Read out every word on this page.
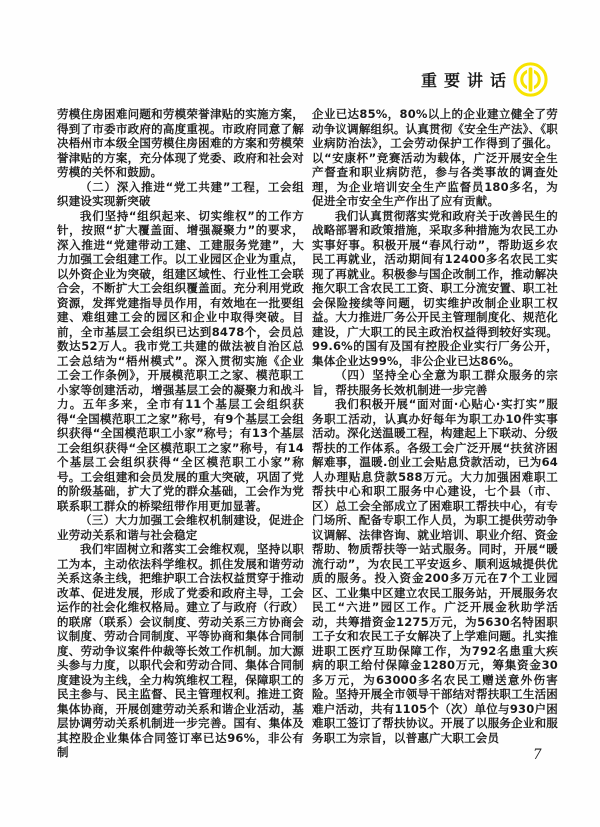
重要讲话

劳模住房困难问题和劳模荣誉津贴的实施方案，得到了市委市政府的高度重视。市政府同意了解决梧州市本级全国劳模住房困难的方案和劳模荣誉津贴的方案，充分体现了党委、政府和社会对劳模的关怀和鼓励。

（二）深入推进“党工共建”工程，工会组织建设实现新突破

我们坚持“组织起来、切实维权”的工作方针，按照“扩大覆盖面、增强凝聚力”的要求，深入推进“党建带动工建、工建服务党建”，大力加强工会组建工作。以工业园区企业为重点，以外资企业为突破，组建区域性、行业性工会联合会，不断扩大工会组织覆盖面。充分利用党政资源，发挥党建指导员作用，有效地在一批要组建、难组建工会的园区和企业中取得突破。目前，全市基层工会组织已达到8478个，会员总数达52万人。我市党工共建的做法被自治区总工会总结为“梧州模式”。深入贯彻实施《企业工会工作条例》，开展模范职工之家、模范职工小家等创建活动，增强基层工会的凝聚力和战斗力。五年多来，全市有11个基层工会组织获得“全国模范职工之家”称号，有9个基层工会组织获得“全国模范职工小家”称号；有13个基层工会组织获得“全区模范职工之家”称号，有14个基层工会组织获得“全区模范职工小家”称号。工会组建和会员发展的重大突破，巩固了党的阶级基础，扩大了党的群众基础，工会作为党联系职工群众的桥梁纽带作用更加显著。

（三）大力加强工会维权机制建设，促进企业劳动关系和谐与社会稳定

我们牢固树立和落实工会维权观，坚持以职工为本，主动依法科学维权。抓住发展和谐劳动关系这条主线，把维护职工合法权益贯穿于推动改革、促进发展，形成了党委和政府主导，工会运作的社会化维权格局。建立了与政府（行政）的联席（联系）会议制度、劳动关系三方协商会议制度、劳动合同制度、平等协商和集体合同制度、劳动争议案件仲裁等长效工作机制。加大源头参与力度，以职代会和劳动合同、集体合同制度建设为主线，全力构筑维权工程，保障职工的民主参与、民主监督、民主管理权利。推进工资集体协商，开展创建劳动关系和谐企业活动，基层协调劳动关系机制进一步完善。国有、集体及其控股企业集体合同签订率已达96%，非公有制

企业已达85%，80%以上的企业建立健全了劳动争议调解组织。认真贯彻《安全生产法》、《职业病防治法》，工会劳动保护工作得到了强化。以“安康杯”竞赛活动为载体，广泛开展安全生产督查和职业病防范，参与各类事故的调查处理，为企业培训安全生产监督员180多名，为促进全市安全生产作出了应有贡献。

我们认真贯彻落实党和政府关于改善民生的战略部署和政策措施，采取多种措施为农民工办实事好事。积极开展“春风行动”，帮助返乡农民工再就业，活动期间有12400多名农民工实现了再就业。积极参与国企改制工作，推动解决拖欠职工含农民工工资、职工分流安置、职工社会保险接续等问题，切实维护改制企业职工权益。大力推进厂务公开民主管理制度化、规范化建设，广大职工的民主政治权益得到较好实现。99.6%的国有及国有控股企业实行厂务公开，集体企业达99%，非公企业已达86%。

（四）坚持全心全意为职工群众服务的宗旨，帮扶服务长效机制进一步完善

我们积极开展“面对面·心贴心·实打实”服务职工活动，认真办好每年为职工办10件实事活动。深化送温暖工程，构建起上下联动、分级帮扶的工作体系。各级工会广泛开展“扶贫济困解难事，温暖.创业工会贴息贷款活动，已为64人办理贴息贷款588万元。大力加强困难职工帮扶中心和职工服务中心建设，七个县（市、区）总工会全部成立了困难职工帮扶中心，有专门场所、配备专职工作人员，为职工提供劳动争议调解、法律咨询、就业培训、职业介绍、资金帮助、物质帮扶等一站式服务。同时，开展“暖流行动”，为农民工平安返乡、顺利返城提供优质的服务。投入资金200多万元在7个工业园区、工业集中区建立农民工服务站，开展服务农民工“六进”园区工作。广泛开展金秋助学活动，共筹措资金1275万元，为5630名特困职工子女和农民工子女解决了上学难问题。扎实推进职工医疗互助保障工作，为792名患重大疾病的职工给付保障金1280万元，筹集资金30多万元，为63000多名农民工赠送意外伤害险。坚持开展全市领导干部结对帮扶职工生活困难户活动，共有1105个（次）单位与930户困难职工签订了帮扶协议。开展了以服务企业和服务职工为宗旨，以普惠广大职工会员

7
